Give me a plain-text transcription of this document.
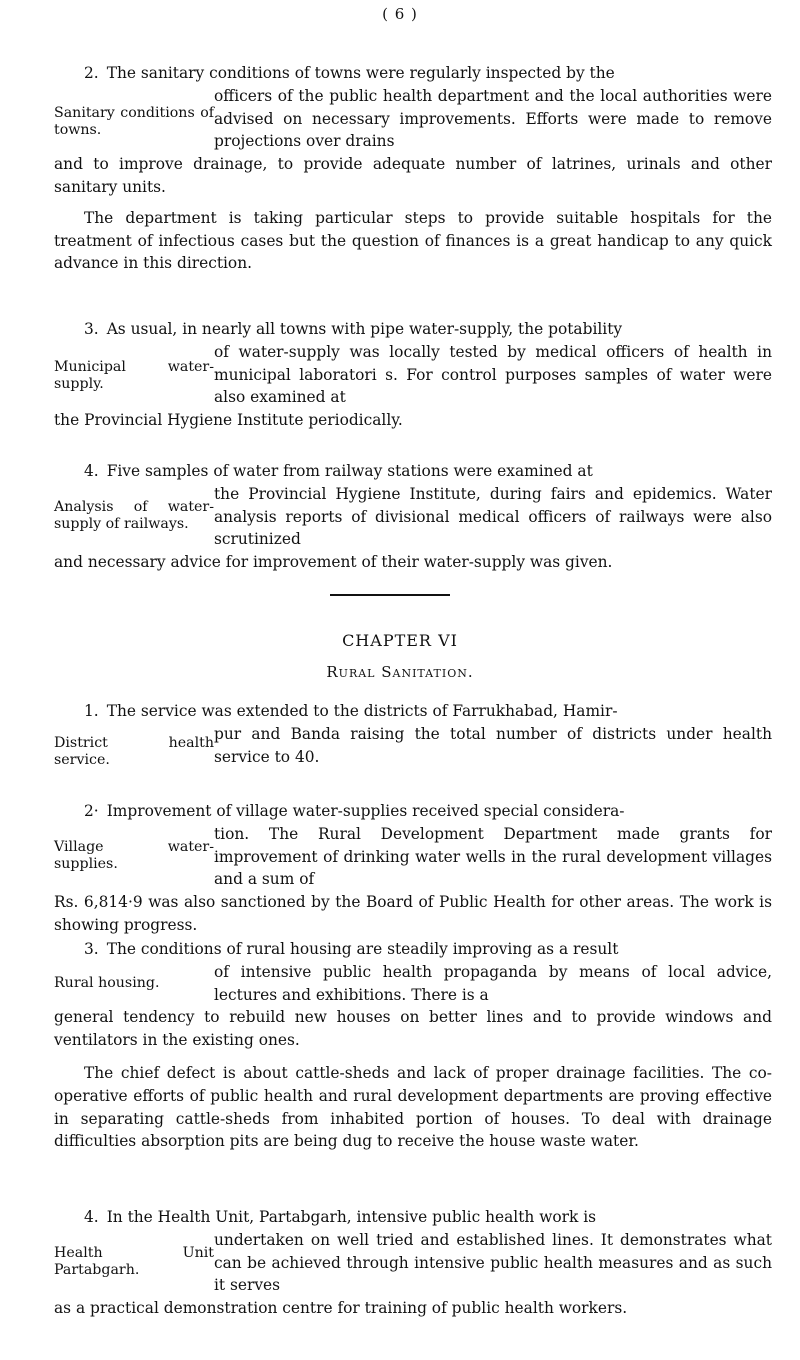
( 6 )

2. The sanitary conditions of towns were regularly inspected by the

Sanitary conditions of towns.
officers of the public health department and the local authorities were advised on necessary improvements. Efforts were made to remove projections over drains

and to improve drainage, to provide adequate number of latrines, urinals and other sanitary units.

The department is taking particular steps to provide suitable hospitals for the treatment of infectious cases but the question of finances is a great handicap to any quick advance in this direction.

3. As usual, in nearly all towns with pipe water-supply, the potability

Municipal water-supply.
of water-supply was locally tested by medical officers of health in municipal laboratori s. For control purposes samples of water were also examined at

the Provincial Hygiene Institute periodically.

4. Five samples of water from railway stations were examined at

Analysis of water-supply of railways.
the Provincial Hygiene Institute, during fairs and epidemics. Water analysis reports of divisional medical officers of railways were also scrutinized

and necessary advice for improvement of their water-supply was given.

CHAPTER VI
Rural Sanitation.

1. The service was extended to the districts of Farrukhabad, Hamir-

District health service.
pur and Banda raising the total number of districts under health service to 40.

2· Improvement of village water-supplies received special considera-

Village water-supplies.
tion. The Rural Development Department made grants for improvement of drinking water wells in the rural development villages and a sum of

Rs. 6,814·9 was also sanctioned by the Board of Public Health for other areas. The work is showing progress.

3. The conditions of rural housing are steadily improving as a result

Rural housing.
of intensive public health propaganda by means of local advice, lectures and exhibitions. There is a

general tendency to rebuild new houses on better lines and to provide windows and ventilators in the existing ones.

The chief defect is about cattle-sheds and lack of proper drainage facilities. The co-operative efforts of public health and rural development departments are proving effective in separating cattle-sheds from inhabited portion of houses. To deal with drainage difficulties absorption pits are being dug to receive the house waste water.

4. In the Health Unit, Partabgarh, intensive public health work is

Health Unit Partabgarh.
undertaken on well tried and established lines. It demonstrates what can be achieved through intensive public health measures and as such it serves

as a practical demonstration centre for training of public health workers.
